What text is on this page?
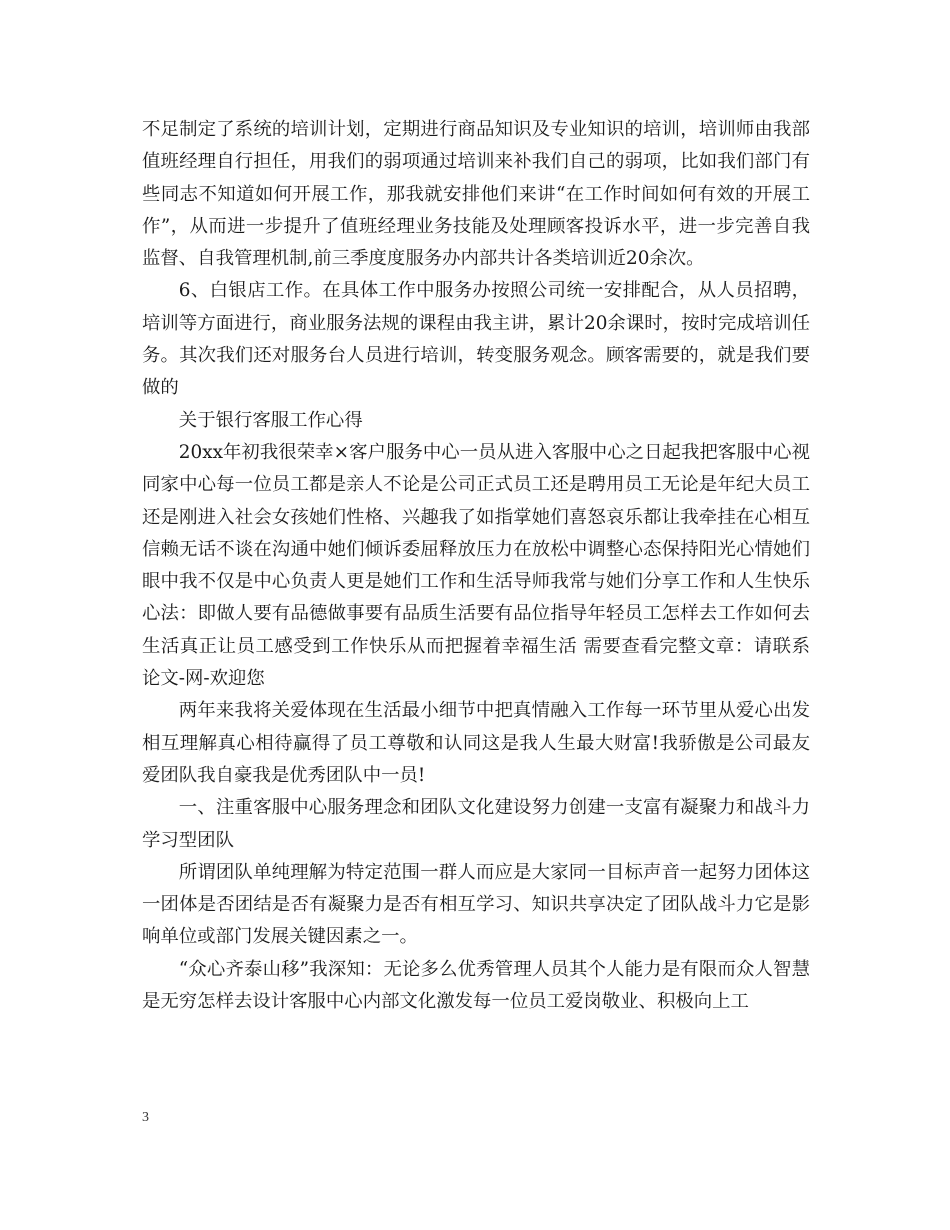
不足制定了系统的培训计划，定期进行商品知识及专业知识的培训，培训师由我部值班经理自行担任，用我们的弱项通过培训来补我们自己的弱项，比如我们部门有些同志不知道如何开展工作，那我就安排他们来讲“在工作时间如何有效的开展工作”，从而进一步提升了值班经理业务技能及处理顾客投诉水平，进一步完善自我监督、自我管理机制,前三季度度服务办内部共计各类培训近20余次。

6、白银店工作。在具体工作中服务办按照公司统一安排配合，从人员招聘，培训等方面进行，商业服务法规的课程由我主讲，累计20余课时，按时完成培训任务。其次我们还对服务台人员进行培训，转变服务观念。顾客需要的，就是我们要做的

关于银行客服工作心得

20xx年初我很荣幸×客户服务中心一员从进入客服中心之日起我把客服中心视同家中心每一位员工都是亲人不论是公司正式员工还是聘用员工无论是年纪大员工还是刚进入社会女孩她们性格、兴趣我了如指掌她们喜怒哀乐都让我牵挂在心相互信赖无话不谈在沟通中她们倾诉委屈释放压力在放松中调整心态保持阳光心情她们眼中我不仅是中心负责人更是她们工作和生活导师我常与她们分享工作和人生快乐心法：即做人要有品德做事要有品质生活要有品位指导年轻员工怎样去工作如何去生活真正让员工感受到工作快乐从而把握着幸福生活 需要查看完整文章：请联系 论文-网-欢迎您

两年来我将关爱体现在生活最小细节中把真情融入工作每一环节里从爱心出发相互理解真心相待赢得了员工尊敬和认同这是我人生最大财富!我骄傲是公司最友爱团队我自豪我是优秀团队中一员!

一、注重客服中心服务理念和团队文化建设努力创建一支富有凝聚力和战斗力学习型团队

所谓团队单纯理解为特定范围一群人而应是大家同一目标声音一起努力团体这一团体是否团结是否有凝聚力是否有相互学习、知识共享决定了团队战斗力它是影响单位或部门发展关键因素之一。

“众心齐泰山移”我深知：无论多么优秀管理人员其个人能力是有限而众人智慧是无穷怎样去设计客服中心内部文化激发每一位员工爱岗敬业、积极向上工

3
